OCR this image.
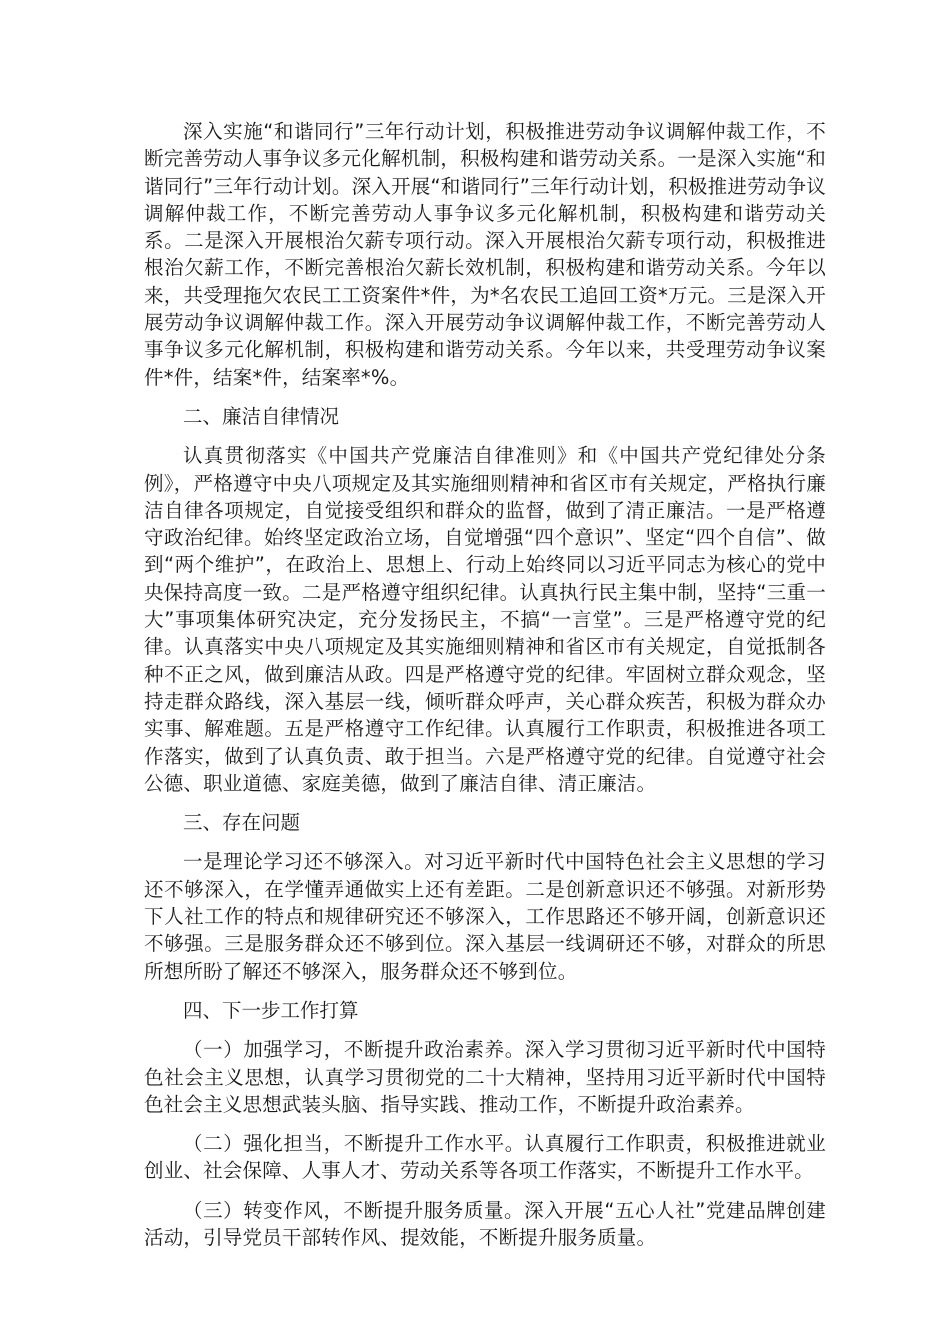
深入实施“和谐同行”三年行动计划，积极推进劳动争议调解仲裁工作，不断完善劳动人事争议多元化解机制，积极构建和谐劳动关系。一是深入实施“和谐同行”三年行动计划。深入开展“和谐同行”三年行动计划，积极推进劳动争议调解仲裁工作，不断完善劳动人事争议多元化解机制，积极构建和谐劳动关系。二是深入开展根治欠薪专项行动。深入开展根治欠薪专项行动，积极推进根治欠薪工作，不断完善根治欠薪长效机制，积极构建和谐劳动关系。今年以来，共受理拖欠农民工工资案件*件，为*名农民工追回工资*万元。三是深入开展劳动争议调解仲裁工作。深入开展劳动争议调解仲裁工作，不断完善劳动人事争议多元化解机制，积极构建和谐劳动关系。今年以来，共受理劳动争议案件*件，结案*件，结案率*%。

二、廉洁自律情况

认真贯彻落实《中国共产党廉洁自律准则》和《中国共产党纪律处分条例》，严格遵守中央八项规定及其实施细则精神和省区市有关规定，严格执行廉洁自律各项规定，自觉接受组织和群众的监督，做到了清正廉洁。一是严格遵守政治纪律。始终坚定政治立场，自觉增强“四个意识”、坚定“四个自信”、做到“两个维护”，在政治上、思想上、行动上始终同以习近平同志为核心的党中央保持高度一致。二是严格遵守组织纪律。认真执行民主集中制，坚持“三重一大”事项集体研究决定，充分发扬民主，不搞“一言堂”。三是严格遵守党的纪律。认真落实中央八项规定及其实施细则精神和省区市有关规定，自觉抵制各种不正之风，做到廉洁从政。四是严格遵守党的纪律。牢固树立群众观念，坚持走群众路线，深入基层一线，倾听群众呼声，关心群众疾苦，积极为群众办实事、解难题。五是严格遵守工作纪律。认真履行工作职责，积极推进各项工作落实，做到了认真负责、敢于担当。六是严格遵守党的纪律。自觉遵守社会公德、职业道德、家庭美德，做到了廉洁自律、清正廉洁。

三、存在问题

一是理论学习还不够深入。对习近平新时代中国特色社会主义思想的学习还不够深入，在学懂弄通做实上还有差距。二是创新意识还不够强。对新形势下人社工作的特点和规律研究还不够深入，工作思路还不够开阔，创新意识还不够强。三是服务群众还不够到位。深入基层一线调研还不够，对群众的所思所想所盼了解还不够深入，服务群众还不够到位。

四、下一步工作打算

（一）加强学习，不断提升政治素养。深入学习贯彻习近平新时代中国特色社会主义思想，认真学习贯彻党的二十大精神，坚持用习近平新时代中国特色社会主义思想武装头脑、指导实践、推动工作，不断提升政治素养。

（二）强化担当，不断提升工作水平。认真履行工作职责，积极推进就业创业、社会保障、人事人才、劳动关系等各项工作落实，不断提升工作水平。

（三）转变作风，不断提升服务质量。深入开展“五心人社”党建品牌创建活动，引导党员干部转作风、提效能，不断提升服务质量。
